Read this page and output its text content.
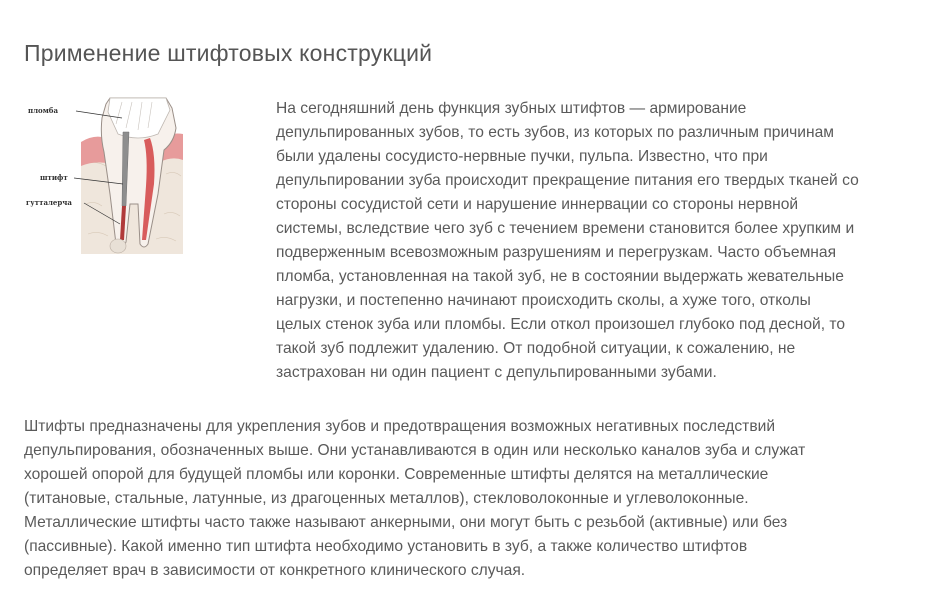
Применение штифтовых конструкций
пломба
штифт
гутталерча

На сегодняшний день функция зубных штифтов — армирование
депульпированных зубов, то есть зубов, из которых по различным причинам
были удалены сосудисто-нервные пучки, пульпа. Известно, что при
депульпировании зуба происходит прекращение питания его твердых тканей со
стороны сосудистой сети и нарушение иннервации со стороны нервной
системы, вследствие чего зуб с течением времени становится более хрупким и
подверженным всевозможным разрушениям и перегрузкам. Часто объемная
пломба, установленная на такой зуб, не в состоянии выдержать жевательные
нагрузки, и постепенно начинают происходить сколы, а хуже того, отколы
целых стенок зуба или пломбы. Если откол произошел глубоко под десной, то
такой зуб подлежит удалению. От подобной ситуации, к сожалению, не
застрахован ни один пациент с депульпированными зубами.

Штифты предназначены для укрепления зубов и предотвращения возможных негативных последствий
депульпирования, обозначенных выше. Они устанавливаются в один или несколько каналов зуба и служат
хорошей опорой для будущей пломбы или коронки. Современные штифты делятся на металлические
(титановые, стальные, латунные, из драгоценных металлов), стекловолоконные и углеволоконные.
Металлические штифты часто также называют анкерными, они могут быть с резьбой (активные) или без
(пассивные). Какой именно тип штифта необходимо установить в зуб, а также количество штифтов
определяет врач в зависимости от конкретного клинического случая.
